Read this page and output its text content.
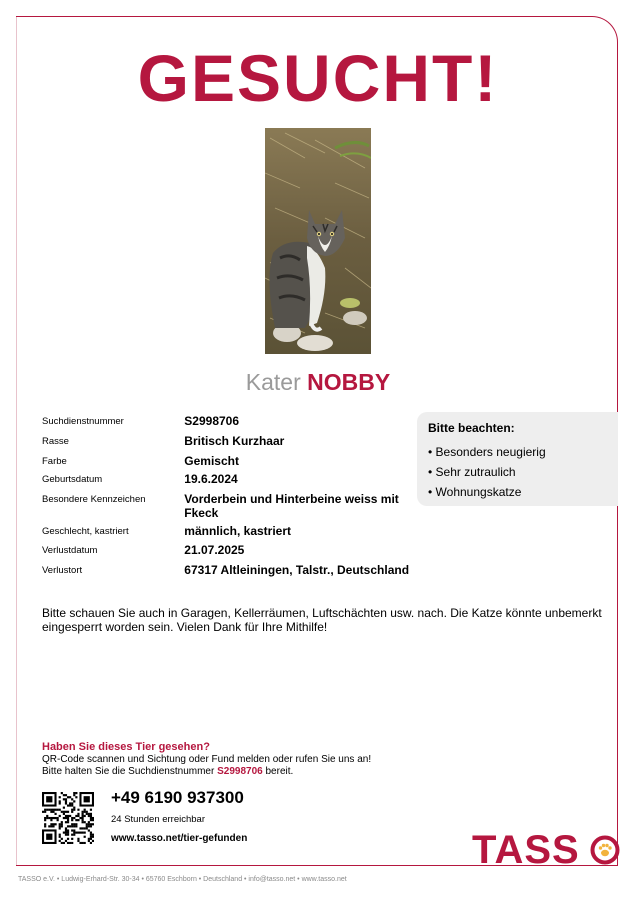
GESUCHT!
Kater NOBBY
Suchdienstnummer	S2998706
Rasse	Britisch Kurzhaar
Farbe	Gemischt
Geburtsdatum	19.6.2024
Besondere Kennzeichen	Vorderbein und Hinterbeine weiss mit Fkeck
Geschlecht, kastriert	männlich, kastriert
Verlustdatum	21.07.2025
Verlustort	67317 Altleiningen, Talstr., Deutschland
Bitte beachten:
• Besonders neugierig
• Sehr zutraulich
• Wohnungskatze
Bitte schauen Sie auch in Garagen, Kellerräumen, Luftschächten usw. nach. Die Katze könnte unbemerkt eingesperrt worden sein. Vielen Dank für Ihre Mithilfe!
Haben Sie dieses Tier gesehen?
QR-Code scannen und Sichtung oder Fund melden oder rufen Sie uns an!
Bitte halten Sie die Suchdienstnummer S2998706 bereit.
+49 6190 937300
24 Stunden erreichbar
www.tasso.net/tier-gefunden	TASS
TASSO e.V. • Ludwig-Erhard-Str. 30-34 • 65760 Eschborn • Deutschland • info@tasso.net • www.tasso.net
